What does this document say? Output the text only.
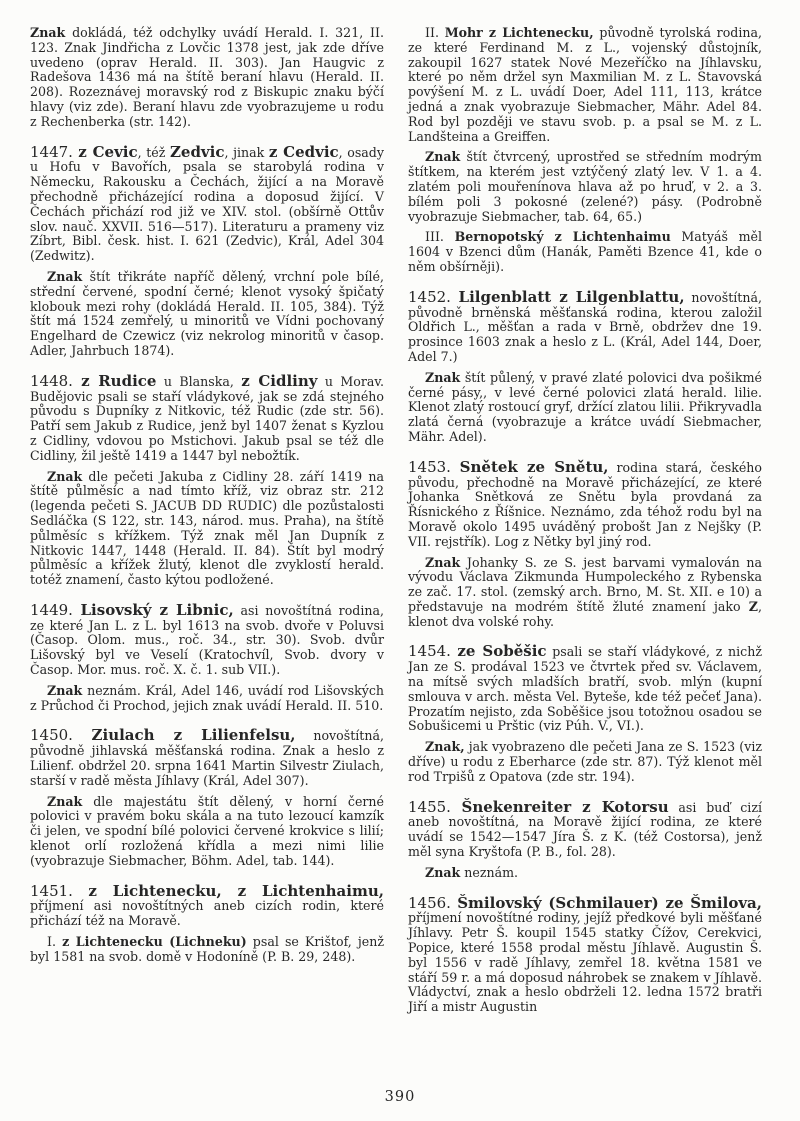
Znak dokládá, též odchylky uvádí Herald. I. 321, II. 123. Znak Jindřicha z Lovčic 1378 jest, jak zde dříve uvedeno (oprav Herald. II. 303). Jan Haugvic z Radešova 1436 má na štítě beraní hlavu (Herald. II. 208). Rozeznávej moravský rod z Biskupic znaku býčí hlavy (viz zde). Beraní hlavu zde vyobrazujeme u rodu z Rechenberka (str. 142).

1447. z Cevic, též Zedvic, jinak z Cedvic, osady u Hofu v Bavořích, psala se starobylá rodina v Německu, Rakousku a Čechách, žijící a na Moravě přechodně přicházející rodina a doposud žijící. V Čechách přichází rod již ve XIV. stol. (obšírně Ottův slov. nauč. XXVII. 516—517). Literaturu a prameny viz Zíbrt, Bibl. česk. hist. I. 621 (Zedvic), Král, Adel 304 (Zedwitz).

Znak štít třikráte napříč dělený, vrchní pole bílé, střední červené, spodní černé; klenot vysoký špičatý klobouk mezi rohy (dokládá Herald. II. 105, 384). Týž štít má 1524 zemřelý, u minoritů ve Vídni pochovaný Engelhard de Czewicz (viz nekrolog minoritů v časop. Adler, Jahrbuch 1874).

1448. z Rudice u Blanska, z Cidliny u Morav. Budějovic psali se staří vládykové, jak se zdá stejného původu s Dupníky z Nitkovic, též Rudic (zde str. 56). Patří sem Jakub z Rudice, jenž byl 1407 ženat s Kyzlou z Cidliny, vdovou po Mstichovi. Jakub psal se též dle Cidliny, žil ještě 1419 a 1447 byl nebožtík.

Znak dle pečeti Jakuba z Cidliny 28. září 1419 na štítě půlměsíc a nad tímto kříž, viz obraz str. 212 (legenda pečeti S. JACUB DD RUDIC) dle pozůstalosti Sedláčka (S 122, str. 143, národ. mus. Praha), na štítě půlměsíc s křížkem. Týž znak měl Jan Dupník z Nitkovic 1447, 1448 (Herald. II. 84). Štít byl modrý půlměsíc a křížek žlutý, klenot dle zvyklostí herald. totéž znamení, často kýtou podložené.

1449. Lisovský z Libnic, asi novoštítná rodina, ze které Jan L. z L. byl 1613 na svob. dvoře v Poluvsi (Časop. Olom. mus., roč. 34., str. 30). Svob. dvůr Lišovský byl ve Veselí (Kratochvíl, Svob. dvory v Časop. Mor. mus. roč. X. č. 1. sub VII.).

Znak neznám. Král, Adel 146, uvádí rod Lišovských z Průchod či Prochod, jejich znak uvádí Herald. II. 510.

1450. Ziulach z Lilienfelsu, novoštítná, původně jihlavská měšťanská rodina. Znak a heslo z Lilienf. obdržel 20. srpna 1641 Martin Silvestr Ziulach, starší v radě města Jíhlavy (Král, Adel 307).

Znak dle majestátu štít dělený, v horní černé polovici v pravém boku skála a na tuto lezoucí kamzík či jelen, ve spodní bílé polovici červené krokvice s lilií; klenot orlí rozložená křídla a mezi nimi lilie (vyobrazuje Siebmacher, Böhm. Adel, tab. 144).

1451. z Lichtenecku, z Lichtenhaimu, příjmení asi novoštítných aneb cizích rodin, které přichází též na Moravě.

I. z Lichtenecku (Lichneku) psal se Krištof, jenž byl 1581 na svob. domě v Hodoníně (P. B. 29, 248).

II. Mohr z Lichtenecku, původně tyrolská rodina, ze které Ferdinand M. z L., vojenský důstojník, zakoupil 1627 statek Nové Mezeříčko na Jíhlavsku, které po něm držel syn Maxmilian M. z L. Stavovská povýšení M. z L. uvádí Doer, Adel 111, 113, krátce jedná a znak vyobrazuje Siebmacher, Mähr. Adel 84. Rod byl později ve stavu svob. p. a psal se M. z L. Landšteina a Greiffen.

Znak štít čtvrcený, uprostřed se středním modrým štítkem, na kterém jest vztýčený zlatý lev. V 1. a 4. zlatém poli mouřenínova hlava až po hruď, v 2. a 3. bílém poli 3 pokosné (zelené?) pásy. (Podrobně vyobrazuje Siebmacher, tab. 64, 65.)

III. Bernopotský z Lichtenhaimu Matyáš měl 1604 v Bzenci dům (Hanák, Paměti Bzence 41, kde o něm obšírněji).

1452. Lilgenblatt z Lilgenblattu, novoštítná, původně brněnská měšťanská rodina, kterou založil Oldřich L., měšťan a rada v Brně, obdržev dne 19. prosince 1603 znak a heslo z L. (Král, Adel 144, Doer, Adel 7.)

Znak štít půlený, v pravé zlaté polovici dva pošikmé černé pásy,, v levé černé polovici zlatá herald. lilie. Klenot zlatý rostoucí gryf, držící zlatou lilii. Přikryvadla zlatá černá (vyobrazuje a krátce uvádí Siebmacher, Mähr. Adel).

1453. Snětek ze Snětu, rodina stará, českého původu, přechodně na Moravě přicházející, ze které Johanka Snětková ze Snětu byla provdaná za Řísnického z Říšnice. Neznámo, zda téhož rodu byl na Moravě okolo 1495 uváděný probošt Jan z Nejšky (P. VII. rejstřík). Log z Nětky byl jiný rod.

Znak Johanky S. ze S. jest barvami vymalován na vývodu Václava Zikmunda Humpoleckého z Rybenska ze zač. 17. stol. (zemský arch. Brno, M. St. XII. e 10) a představuje na modrém štítě žluté znamení jako Z, klenot dva volské rohy.

1454. ze Soběšic psali se staří vládykové, z nichž Jan ze S. prodával 1523 ve čtvrtek před sv. Václavem, na mítsě svých mladších bratří, svob. mlýn (kupní smlouva v arch. města Vel. Byteše, kde též pečeť Jana). Prozatím nejisto, zda Soběšice jsou totožnou osadou se Sobušicemi u Prštic (viz Púh. V., VI.).

Znak, jak vyobrazeno dle pečeti Jana ze S. 1523 (viz dříve) u rodu z Eberharce (zde str. 87). Týž klenot měl rod Trpišů z Opatova (zde str. 194).

1455. Šnekenreiter z Kotorsu asi buď cizí aneb novoštítná, na Moravě žijící rodina, ze které uvádí se 1542—1547 Jíra Š. z K. (též Costorsa), jenž měl syna Kryštofa (P. B., fol. 28).

Znak neznám.

1456. Šmilovský (Schmilauer) ze Šmilova, příjmení novoštítné rodiny, jejíž předkové byli měšťané Jíhlavy. Petr Š. koupil 1545 statky Čížov, Cerekvici, Popice, které 1558 prodal městu Jíhlavě. Augustin Š. byl 1556 v radě Jíhlavy, zemřel 18. května 1581 ve stáří 59 r. a má doposud náhrobek se znakem v Jíhlavě. Vládyctví, znak a heslo obdrželi 12. ledna 1572 bratři Jiří a mistr Augustin

390
